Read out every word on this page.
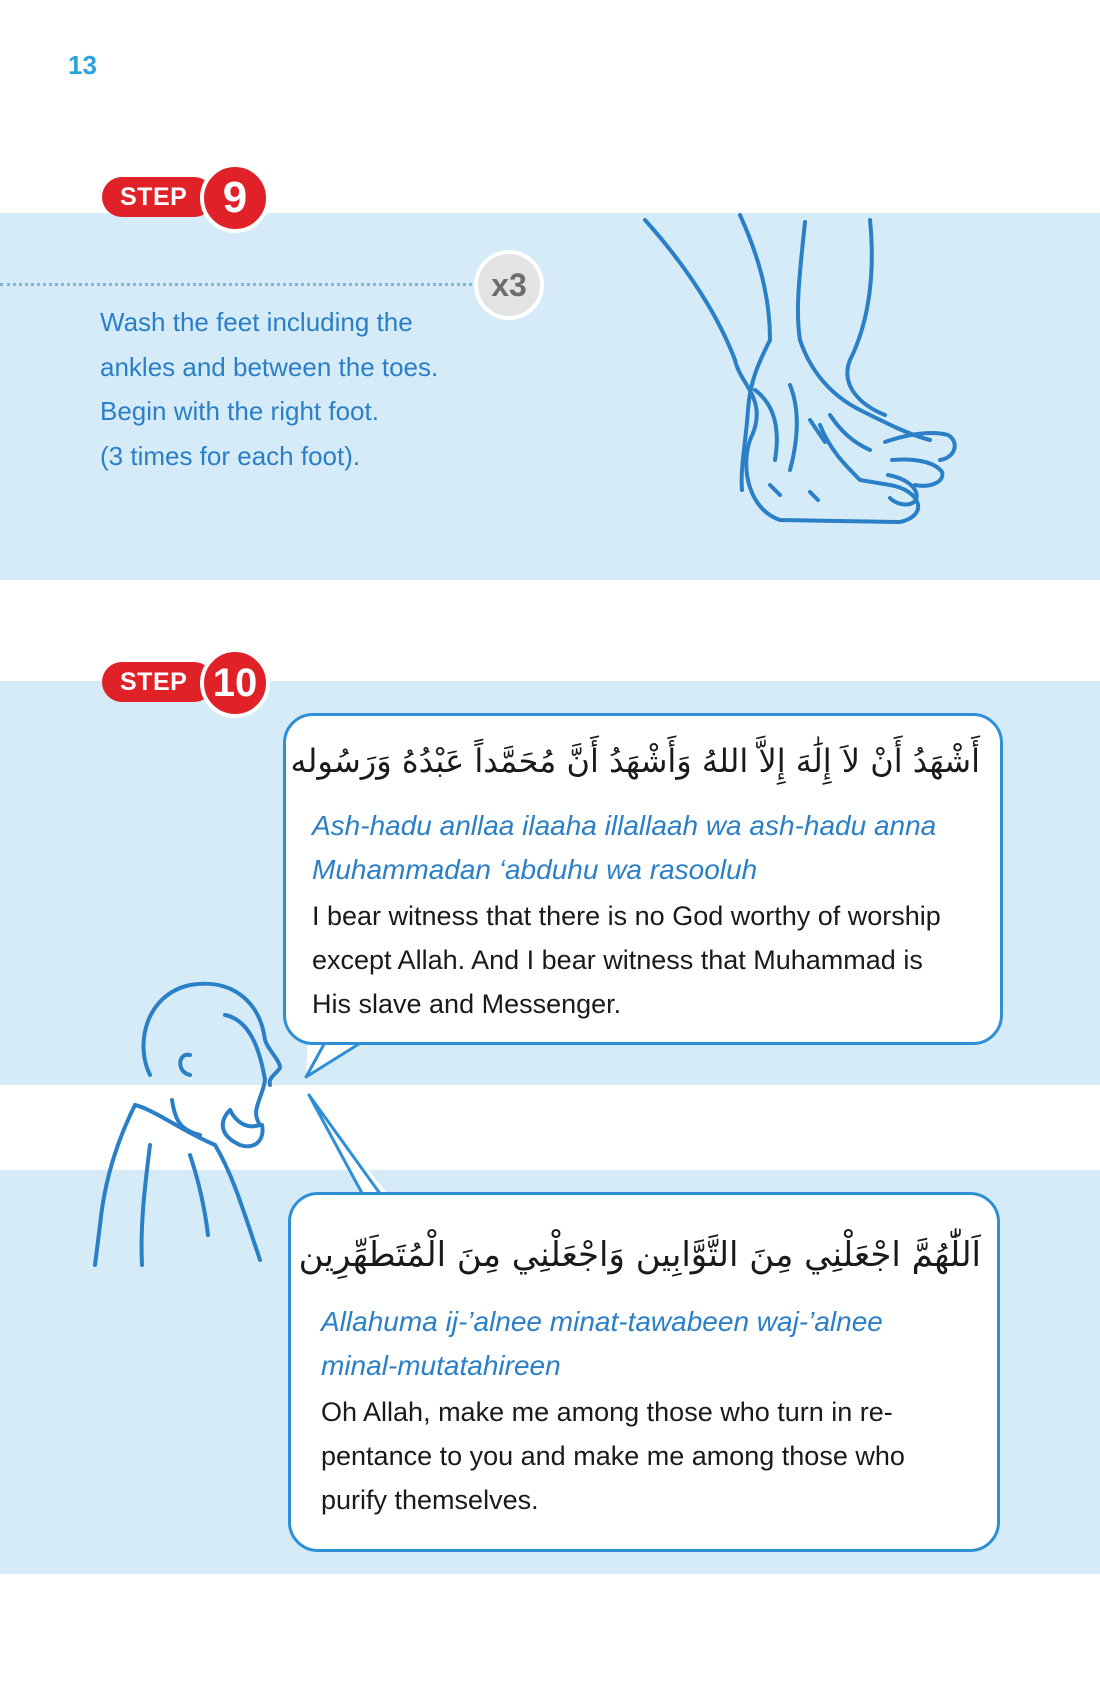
13
STEP 9
x3
Wash the feet including the
ankles and between the toes.
Begin with the right foot.
(3 times for each foot).
STEP 10
أَشْهَدُ أَنْ لاَ إِلَٰهَ إِلاَّ اللهُ وَأَشْهَدُ أَنَّ مُحَمَّداً عَبْدُهُ وَرَسُوله
Ash-hadu anllaa ilaaha illallaah wa ash-hadu anna
Muhammadan ‘abduhu wa rasooluh
I bear witness that there is no God worthy of worship
except Allah. And I bear witness that Muhammad is
His slave and Messenger.
اَللّٰهُمَّ اجْعَلْنِي مِنَ التَّوَّابِين وَاجْعَلْنِي مِنَ الْمُتَطَهِّرِين
Allahuma ij-’alnee minat-tawabeen waj-’alnee
minal-mutatahireen
Oh Allah, make me among those who turn in re-
pentance to you and make me among those who
purify themselves.
